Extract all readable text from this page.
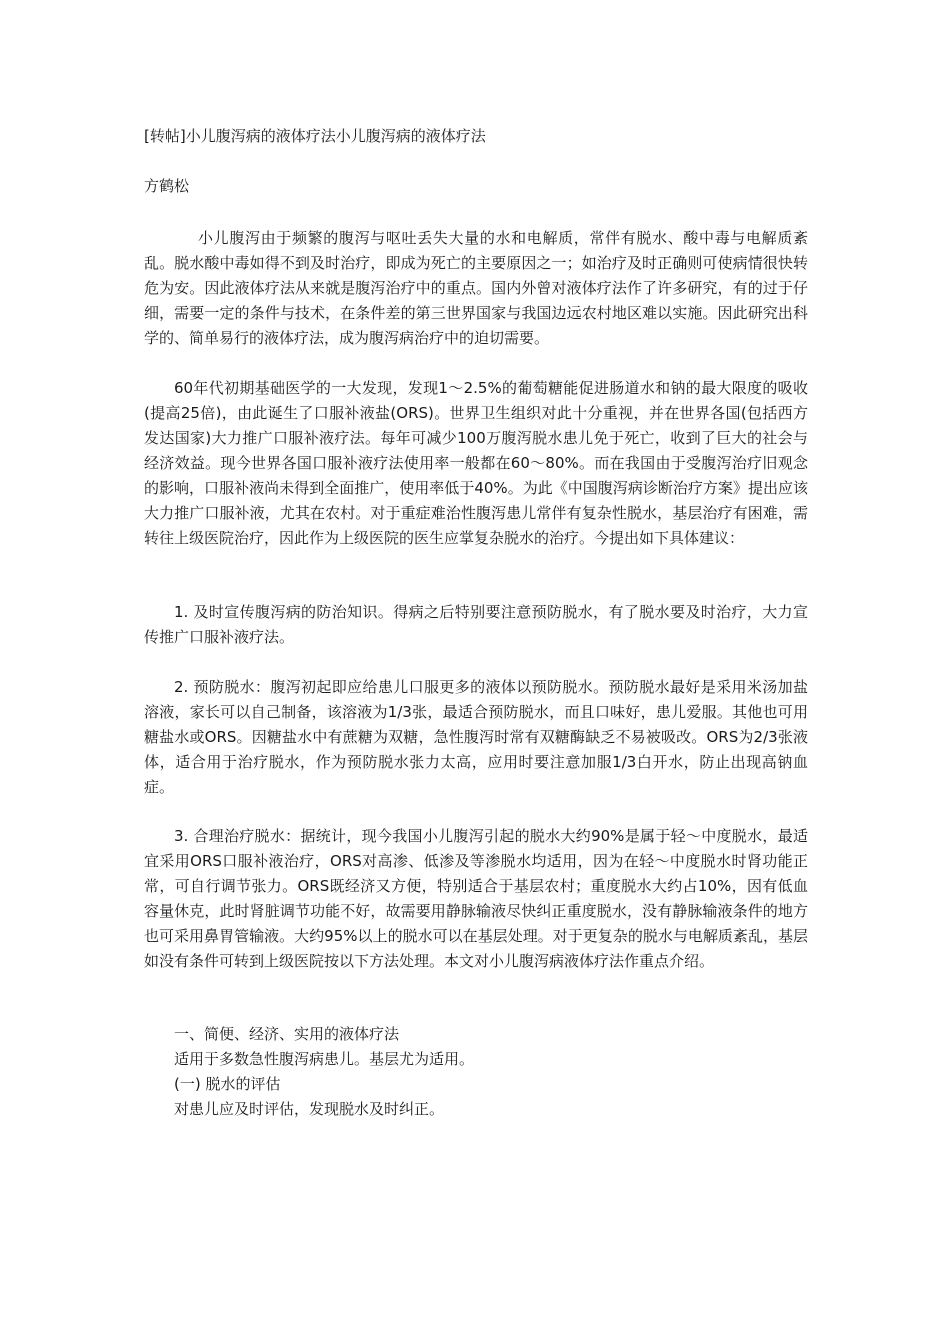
[转帖]小儿腹泻病的液体疗法小儿腹泻病的液体疗法
方鹤松
小儿腹泻由于频繁的腹泻与呕吐丢失大量的水和电解质，常伴有脱水、酸中毒与电解质紊乱。脱水酸中毒如得不到及时治疗，即成为死亡的主要原因之一；如治疗及时正确则可使病情很快转危为安。因此液体疗法从来就是腹泻治疗中的重点。国内外曾对液体疗法作了许多研究，有的过于仔细，需要一定的条件与技术，在条件差的第三世界国家与我国边远农村地区难以实施。因此研究出科学的、简单易行的液体疗法，成为腹泻病治疗中的迫切需要。
60年代初期基础医学的一大发现，发现1～2.5%的葡萄糖能促进肠道水和钠的最大限度的吸收(提高25倍)，由此诞生了口服补液盐(ORS)。世界卫生组织对此十分重视，并在世界各国(包括西方发达国家)大力推广口服补液疗法。每年可减少100万腹泻脱水患儿免于死亡，收到了巨大的社会与经济效益。现今世界各国口服补液疗法使用率一般都在60～80%。而在我国由于受腹泻治疗旧观念的影响，口服补液尚未得到全面推广，使用率低于40%。为此《中国腹泻病诊断治疗方案》提出应该大力推广口服补液，尤其在农村。对于重症难治性腹泻患儿常伴有复杂性脱水，基层治疗有困难，需转往上级医院治疗，因此作为上级医院的医生应掌复杂脱水的治疗。今提出如下具体建议：
1. 及时宣传腹泻病的防治知识。得病之后特别要注意预防脱水，有了脱水要及时治疗，大力宣传推广口服补液疗法。
2. 预防脱水：腹泻初起即应给患儿口服更多的液体以预防脱水。预防脱水最好是采用米汤加盐溶液，家长可以自己制备，该溶液为1/3张，最适合预防脱水，而且口味好，患儿爱服。其他也可用糖盐水或ORS。因糖盐水中有蔗糖为双糖，急性腹泻时常有双糖酶缺乏不易被吸改。ORS为2/3张液体，适合用于治疗脱水，作为预防脱水张力太高，应用时要注意加服1/3白开水，防止出现高钠血症。
3. 合理治疗脱水：据统计，现今我国小儿腹泻引起的脱水大约90%是属于轻～中度脱水，最适宜采用ORS口服补液治疗，ORS对高渗、低渗及等渗脱水均适用，因为在轻～中度脱水时肾功能正常，可自行调节张力。ORS既经济又方便，特别适合于基层农村；重度脱水大约占10%，因有低血容量休克，此时肾脏调节功能不好，故需要用静脉输液尽快纠正重度脱水，没有静脉输液条件的地方也可采用鼻胃管输液。大约95%以上的脱水可以在基层处理。对于更复杂的脱水与电解质紊乱，基层如没有条件可转到上级医院按以下方法处理。本文对小儿腹泻病液体疗法作重点介绍。
一、简便、经济、实用的液体疗法
适用于多数急性腹泻病患儿。基层尤为适用。
(一) 脱水的评估
对患儿应及时评估，发现脱水及时纠正。
